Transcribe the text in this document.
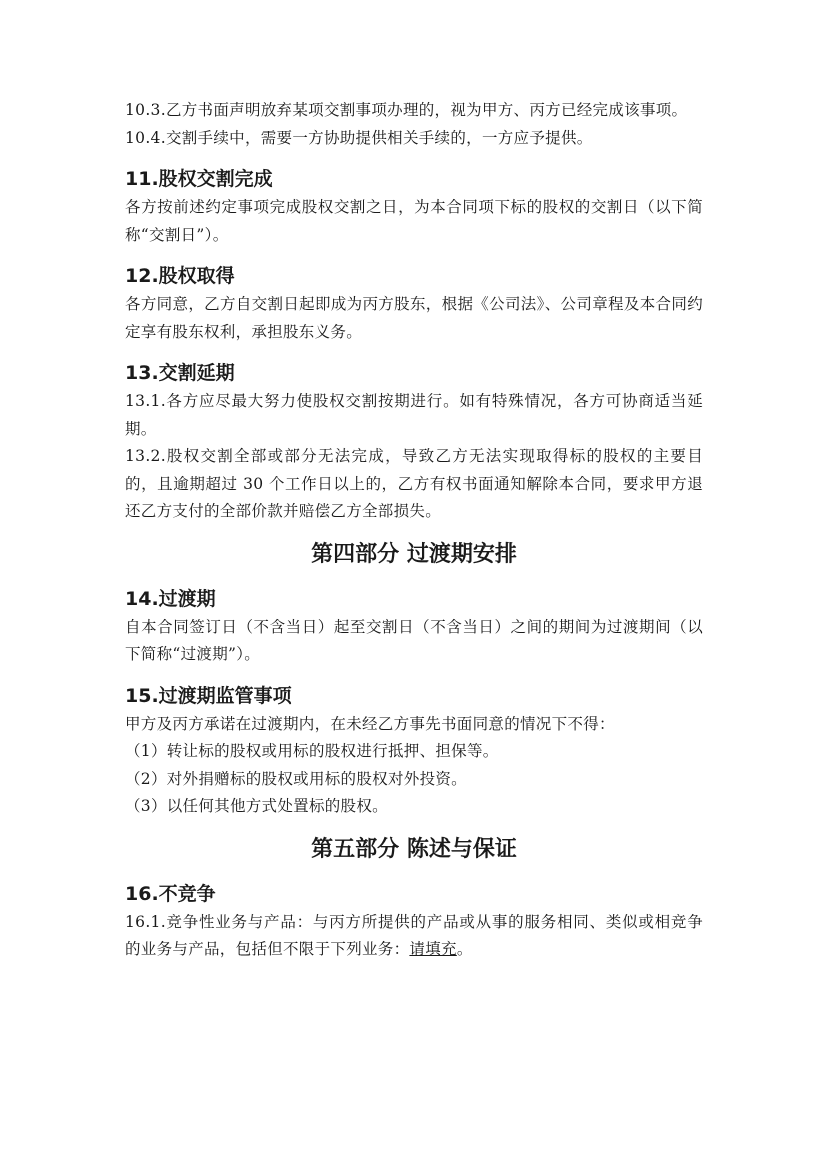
10.3.乙方书面声明放弃某项交割事项办理的，视为甲方、丙方已经完成该事项。

10.4.交割手续中，需要一方协助提供相关手续的，一方应予提供。

11.股权交割完成

各方按前述约定事项完成股权交割之日，为本合同项下标的股权的交割日（以下简称“交割日”）。

12.股权取得

各方同意，乙方自交割日起即成为丙方股东，根据《公司法》、公司章程及本合同约定享有股东权利，承担股东义务。

13.交割延期

13.1.各方应尽最大努力使股权交割按期进行。如有特殊情况，各方可协商适当延期。

13.2.股权交割全部或部分无法完成，导致乙方无法实现取得标的股权的主要目的，且逾期超过 30 个工作日以上的，乙方有权书面通知解除本合同，要求甲方退还乙方支付的全部价款并赔偿乙方全部损失。

第四部分 过渡期安排
14.过渡期

自本合同签订日（不含当日）起至交割日（不含当日）之间的期间为过渡期间（以下简称“过渡期”）。

15.过渡期监管事项

甲方及丙方承诺在过渡期内，在未经乙方事先书面同意的情况下不得：

（1）转让标的股权或用标的股权进行抵押、担保等。

（2）对外捐赠标的股权或用标的股权对外投资。

（3）以任何其他方式处置标的股权。

第五部分 陈述与保证
16.不竞争

16.1.竞争性业务与产品：与丙方所提供的产品或从事的服务相同、类似或相竞争的业务与产品，包括但不限于下列业务：请填充。
